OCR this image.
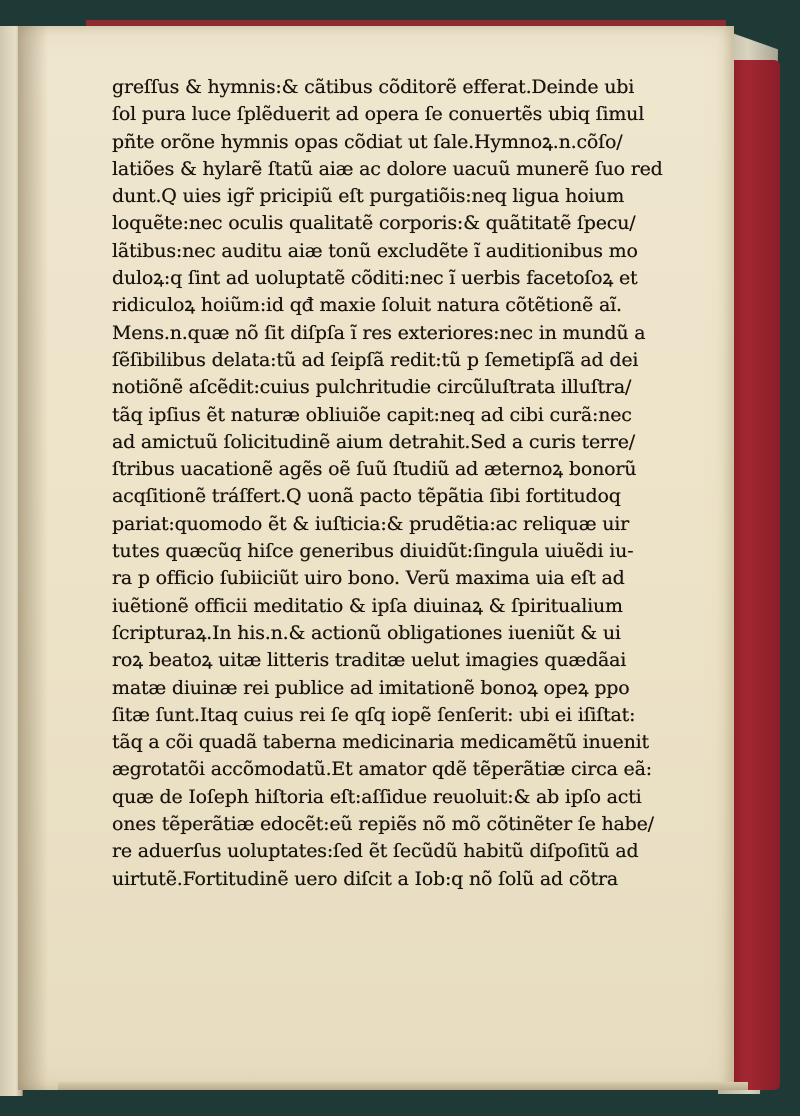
greſſus & hymnis:& cãtibus cõditorẽ efferat.Deinde ubi
ſol pura luce ſplẽduerit ad opera ſe conuertẽs ubiq ſimul
pñte orõne hymnis opas cõdiat ut ſale.Hymnoꝝ.n.cõſo/
latiões & hylarẽ ſtatũ aiæ ac dolore uacuũ munerẽ ſuo red
dunt.Q uies igr̃ pricipiũ eſt purgatiõis:neq ligua hoium
loquẽte:nec oculis qualitatẽ corporis:& quãtitatẽ ſpecu/
lãtibus:nec auditu aiæ tonũ excludẽte ĩ auditionibus mo
duloꝝ:q ſint ad uoluptatẽ cõditi:nec ĩ uerbis facetoſoꝝ et
ridiculoꝝ hoiũm:id qđ maxie ſoluit natura cõtẽtionẽ aĩ.
Mens.n.quæ nõ ſit diſpſa ĩ res exteriores:nec in mundũ a
ſẽſibilibus delata:tũ ad ſeipſã redit:tũ p ſemetipſã ad dei
notiõnẽ aſcẽdit:cuius pulchritudie circũluſtrata illuſtra/
tãq ipſius ẽt naturæ obliuiõe capit:neq ad cibi curã:nec
ad amictuũ ſolicitudinẽ aium detrahit.Sed a curis terre/
ſtribus uacationẽ agẽs oẽ ſuũ ſtudiũ ad æternoꝝ bonorũ
acqſitionẽ tráſfert.Q uonã pacto tẽpãtia ſibi fortitudoq
pariat:quomodo ẽt & iuſticia:& prudẽtia:ac reliquæ uir
tutes quæcũq hiſce generibus diuidũt:ſingula uiuẽdi iu-
ra p officio ſubiiciũt uiro bono. Verũ maxima uia eſt ad
iuẽtionẽ officii meditatio & ipſa diuinaꝝ & ſpiritualium
ſcripturaꝝ.In his.n.& actionũ obligationes iueniũt & ui
roꝝ beatoꝝ uitæ litteris traditæ uelut imagies quædãai
matæ diuinæ rei publice ad imitationẽ bonoꝝ opeꝝ ppo
ſitæ ſunt.Itaq cuius rei ſe qſq iopẽ ſenſerit: ubi ei iſiſtat:
tãq a cõi quadã taberna medicinaria medicamẽtũ inuenit
ægrotatõi accõmodatũ.Et amator qdẽ tẽperãtiæ circa eã:
quæ de Ioſeph hiſtoria eſt:aſſidue reuoluit:& ab ipſo acti
ones tẽperãtiæ edocẽt:eũ repiẽs nõ mõ cõtinẽter ſe habe/
re aduerſus uoluptates:ſed ẽt ſecũdũ habitũ diſpoſitũ ad
uirtutẽ.Fortitudinẽ uero diſcit a Iob:q nõ ſolũ ad cõtra
